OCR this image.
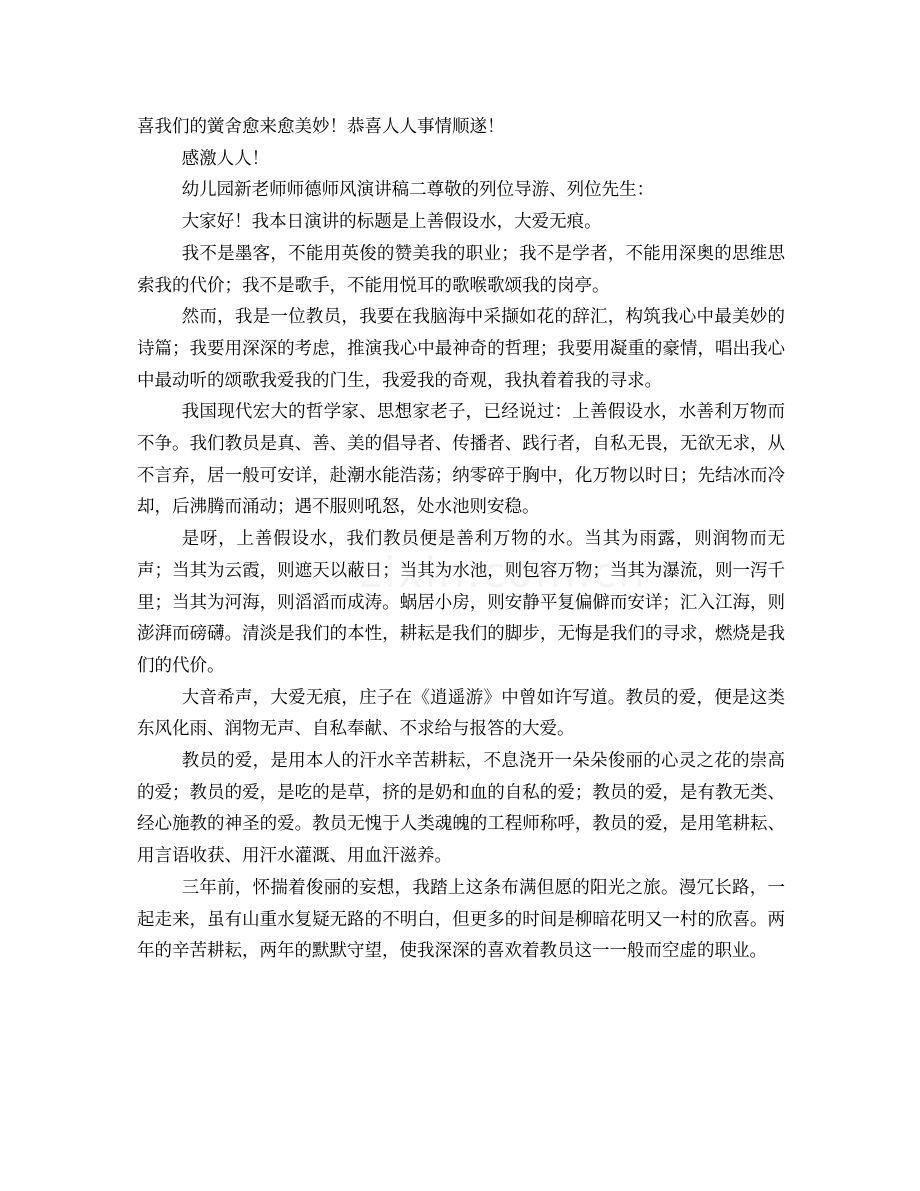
喜我们的黉舍愈来愈美妙！恭喜人人事情顺遂！

感激人人！

幼儿园新老师师德师风演讲稿二尊敬的列位导游、列位先生：

大家好！我本日演讲的标题是上善假设水，大爱无痕。

我不是墨客，不能用英俊的赞美我的职业；我不是学者，不能用深奥的思维思索我的代价；我不是歌手，不能用悦耳的歌喉歌颂我的岗亭。

然而，我是一位教员，我要在我脑海中采撷如花的辞汇，构筑我心中最美妙的诗篇；我要用深深的考虑，推演我心中最神奇的哲理；我要用凝重的豪情，唱出我心中最动听的颂歌我爱我的门生，我爱我的奇观，我执着着我的寻求。

我国现代宏大的哲学家、思想家老子，已经说过：上善假设水，水善利万物而不争。我们教员是真、善、美的倡导者、传播者、践行者，自私无畏，无欲无求，从不言弃，居一般可安详，赴潮水能浩荡；纳零碎于胸中，化万物以时日；先结冰而冷却，后沸腾而涌动；遇不服则吼怒，处水池则安稳。

是呀，上善假设水，我们教员便是善利万物的水。当其为雨露，则润物而无声；当其为云霞，则遮天以蔽日；当其为水池，则包容万物；当其为瀑流，则一泻千里；当其为河海，则滔滔而成涛。蜗居小房，则安静平复偏僻而安详；汇入江海，则澎湃而磅礴。清淡是我们的本性，耕耘是我们的脚步，无悔是我们的寻求，燃烧是我们的代价。

大音希声，大爱无痕，庄子在《逍遥游》中曾如许写道。教员的爱，便是这类东风化雨、润物无声、自私奉献、不求给与报答的大爱。

教员的爱，是用本人的汗水辛苦耕耘，不息浇开一朵朵俊丽的心灵之花的崇高的爱；教员的爱，是吃的是草，挤的是奶和血的自私的爱；教员的爱，是有教无类、经心施教的神圣的爱。教员无愧于人类魂魄的工程师称呼，教员的爱，是用笔耕耘、用言语收获、用汗水灌溉、用血汗滋养。

三年前，怀揣着俊丽的妄想，我踏上这条布满但愿的阳光之旅。漫冗长路，一起走来，虽有山重水复疑无路的不明白，但更多的时间是柳暗花明又一村的欣喜。两年的辛苦耕耘，两年的默默守望，使我深深的喜欢着教员这一一般而空虚的职业。
